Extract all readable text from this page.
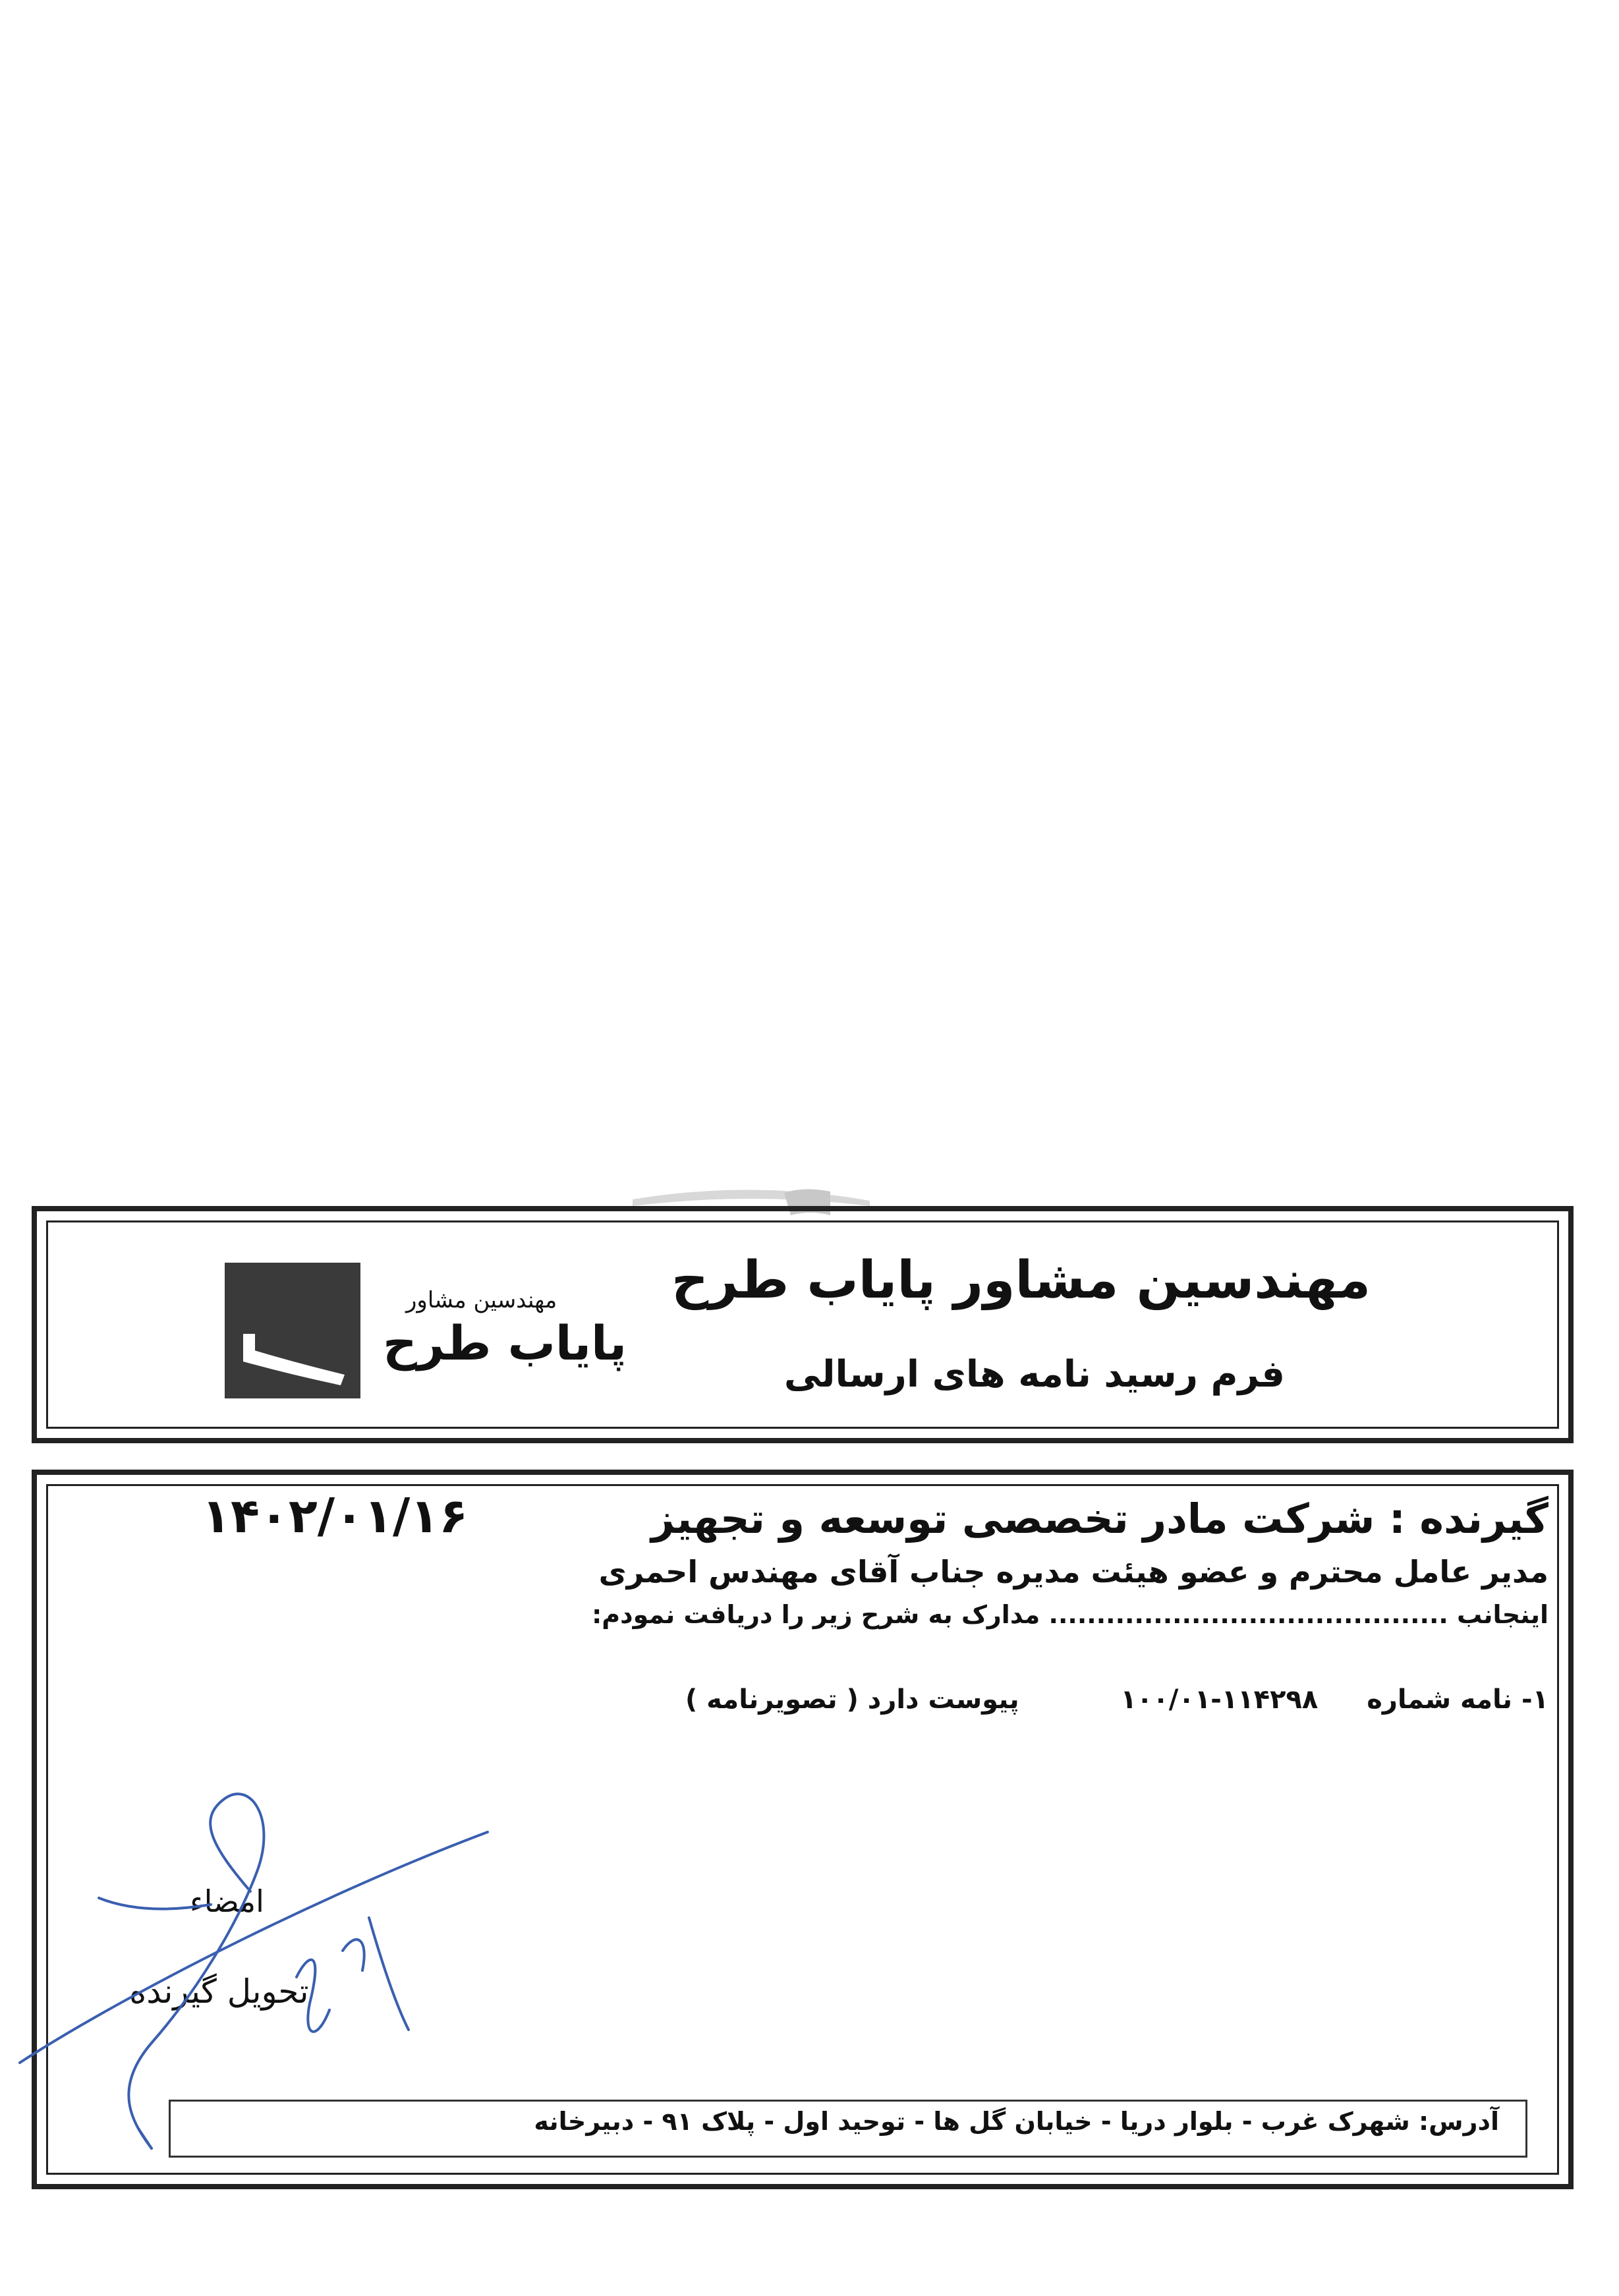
مهندسین مشاور پایاب طرح
فرم رسید نامه های ارسالی
مهندسین مشاور
پایاب طرح
۱۴۰۲/۰۱/۱۶	گیرنده : شرکت مادر تخصصی توسعه و تجهیز
مدیر عامل محترم و عضو هیئت مدیره جناب آقای مهندس احمری
اینجانب .......................................... مدارک به شرح زیر را دریافت نمودم:
۱- نامه شماره ۱۰۰/۰۱-۱۱۴۲۹۸ پیوست دارد ( تصویرنامه )
امضاء
تحویل گیرنده
آدرس: شهرک غرب - بلوار دریا - خیابان گل ها - توحید اول - پلاک ۹۱ - دبیرخانه
